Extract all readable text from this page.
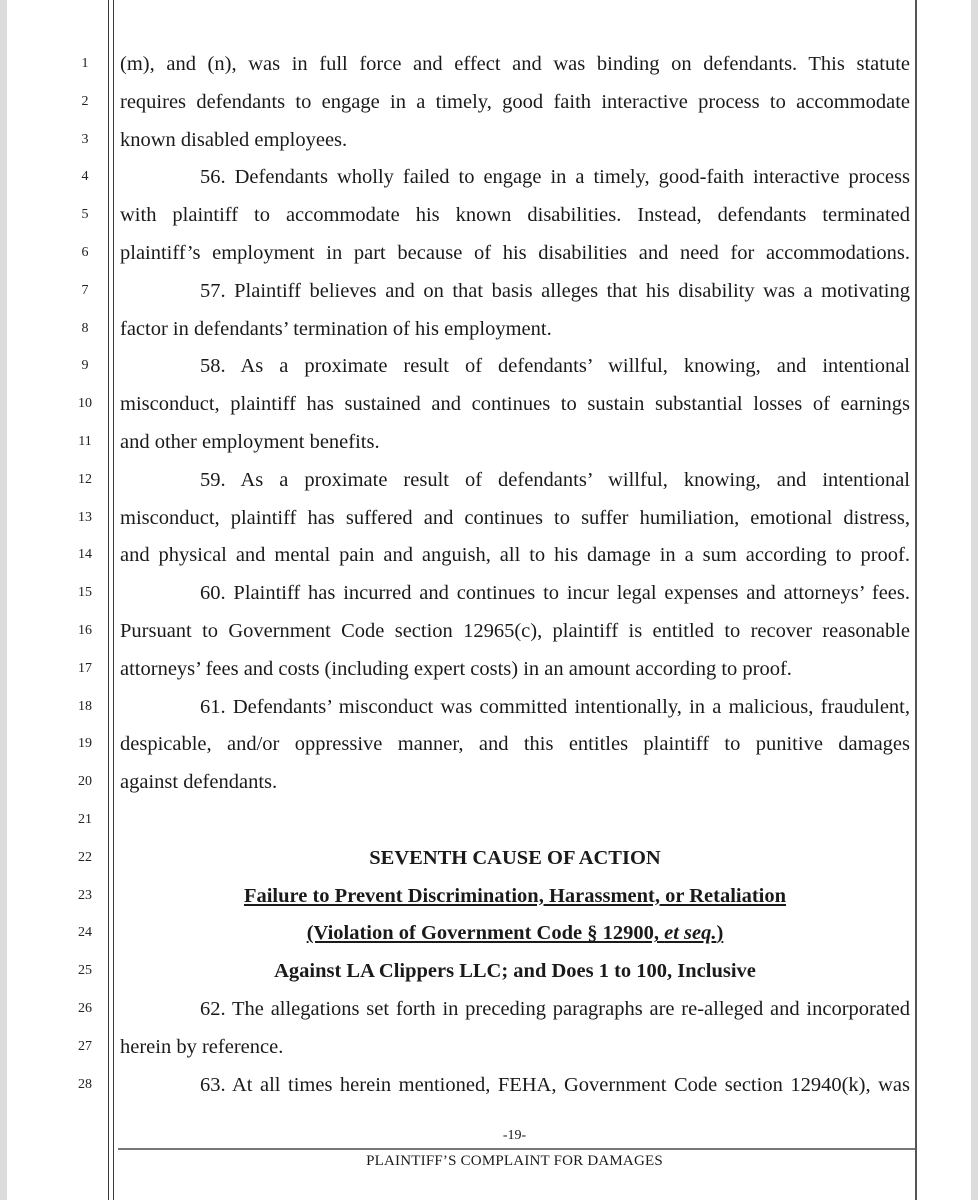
1
2
3
4
5
6
7
8
9
10
11
12
13
14
15
16
17
18
19
20
21
22
23
24
25
26
27
28
(m), and (n), was in full force and effect and was binding on defendants. This statute
requires defendants to engage in a timely, good faith interactive process to accommodate
known disabled employees.
56. Defendants wholly failed to engage in a timely, good-faith interactive process
with plaintiff to accommodate his known disabilities. Instead, defendants terminated
plaintiff’s employment in part because of his disabilities and need for accommodations.
57. Plaintiff believes and on that basis alleges that his disability was a motivating
factor in defendants’ termination of his employment.
58. As a proximate result of defendants’ willful, knowing, and intentional
misconduct, plaintiff has sustained and continues to sustain substantial losses of earnings
and other employment benefits.
59. As a proximate result of defendants’ willful, knowing, and intentional
misconduct, plaintiff has suffered and continues to suffer humiliation, emotional distress,
and physical and mental pain and anguish, all to his damage in a sum according to proof.
60. Plaintiff has incurred and continues to incur legal expenses and attorneys’ fees.
Pursuant to Government Code section 12965(c), plaintiff is entitled to recover reasonable
attorneys’ fees and costs (including expert costs) in an amount according to proof.
61. Defendants’ misconduct was committed intentionally, in a malicious, fraudulent,
despicable, and/or oppressive manner, and this entitles plaintiff to punitive damages
against defendants.
SEVENTH CAUSE OF ACTION
Failure to Prevent Discrimination, Harassment, or Retaliation
(Violation of Government Code § 12900, et seq.)
Against LA Clippers LLC; and Does 1 to 100, Inclusive
62. The allegations set forth in preceding paragraphs are re-alleged and incorporated
herein by reference.
63. At all times herein mentioned, FEHA, Government Code section 12940(k), was
-19-
PLAINTIFF’S COMPLAINT FOR DAMAGES
